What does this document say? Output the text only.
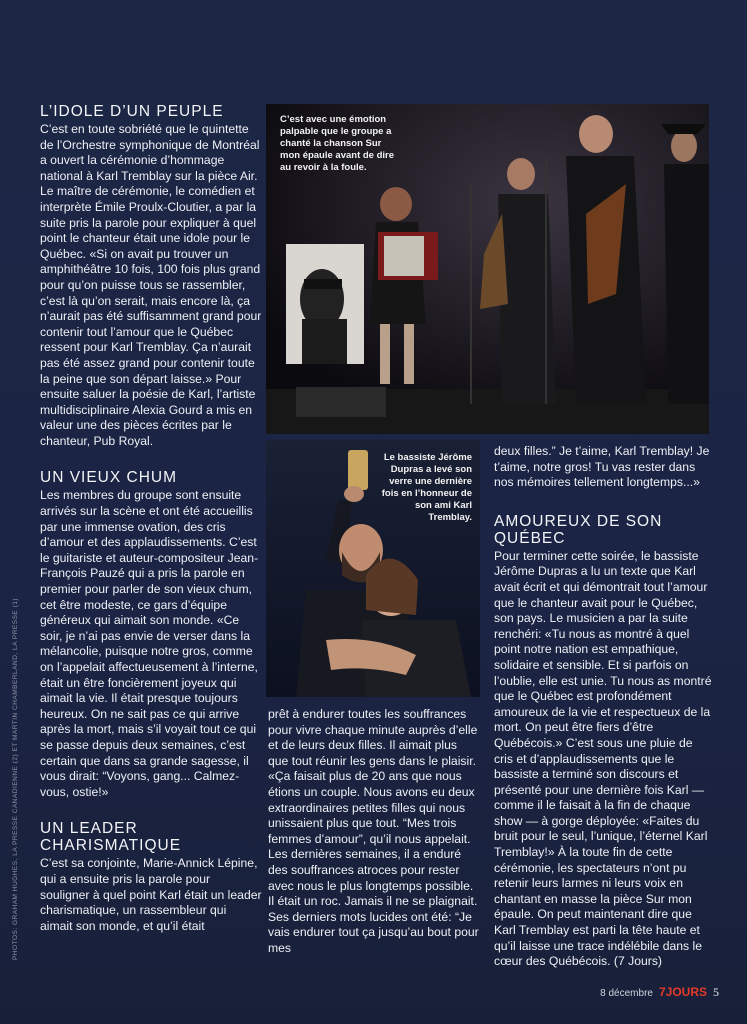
L’IDOLE D’UN PEUPLE

C’est en toute sobriété que le quintette de l’Orchestre symphonique de Montréal a ouvert la cérémonie d’hommage national à Karl Tremblay sur la pièce Air. Le maître de cérémonie, le comédien et interprète Émile Proulx-Cloutier, a par la suite pris la parole pour expliquer à quel point le chanteur était une idole pour le Québec. «Si on avait pu trouver un amphithéâtre 10 fois, 100 fois plus grand pour qu’on puisse tous se rassembler, c’est là qu’on serait, mais encore là, ça n’aurait pas été suffisamment grand pour contenir tout l’amour que le Québec ressent pour Karl Tremblay. Ça n’aurait pas été assez grand pour contenir toute la peine que son départ laisse.» Pour ensuite saluer la poésie de Karl, l’artiste multidisciplinaire Alexia Gourd a mis en valeur une des pièces écrites par le chanteur, Pub Royal.

UN VIEUX CHUM

Les membres du groupe sont ensuite arrivés sur la scène et ont été accueillis par une immense ovation, des cris d’amour et des applaudissements. C’est le guitariste et auteur-compositeur Jean-François Pauzé qui a pris la parole en premier pour parler de son vieux chum, cet être modeste, ce gars d’équipe généreux qui aimait son monde. «Ce soir, je n’ai pas envie de verser dans la mélancolie, puisque notre gros, comme on l’appelait affectueusement à l’interne, était un être foncièrement joyeux qui aimait la vie. Il était presque toujours heureux. On ne sait pas ce qui arrive après la mort, mais s’il voyait tout ce qui se passe depuis deux semaines, c’est certain que dans sa grande sagesse, il vous dirait: “Voyons, gang... Calmez-vous, ostie!»

UN LEADER CHARISMATIQUE

C’est sa conjointe, Marie-Annick Lépine, qui a ensuite pris la parole pour souligner à quel point Karl était un leader charismatique, un rassembleur qui aimait son monde, et qu’il était

C’est avec une émotion palpable que le groupe a chanté la chanson Sur mon épaule avant de dire au revoir à la foule.
Le bassiste Jérôme Dupras a levé son verre une dernière fois en l’honneur de son ami Karl Tremblay.

prêt à endurer toutes les souffrances pour vivre chaque minute auprès d’elle et de leurs deux filles. Il aimait plus que tout réunir les gens dans le plaisir. «Ça faisait plus de 20 ans que nous étions un couple. Nous avons eu deux extraordinaires petites filles qui nous unissaient plus que tout. “Mes trois femmes d’amour”, qu’il nous appelait. Les dernières semaines, il a enduré des souffrances atroces pour rester avec nous le plus longtemps possible. Il était un roc. Jamais il ne se plaignait. Ses derniers mots lucides ont été: “Je vais endurer tout ça jusqu’au bout pour mes

deux filles.” Je t’aime, Karl Tremblay! Je t’aime, notre gros! Tu vas rester dans nos mémoires tellement longtemps...»

AMOUREUX DE SON QUÉBEC

Pour terminer cette soirée, le bassiste Jérôme Dupras a lu un texte que Karl avait écrit et qui démontrait tout l’amour que le chanteur avait pour le Québec, son pays. Le musicien a par la suite renchéri: «Tu nous as montré à quel point notre nation est empathique, solidaire et sensible. Et si parfois on l’oublie, elle est unie. Tu nous as montré que le Québec est profondément amoureux de la vie et respectueux de la mort. On peut être fiers d’être Québécois.» C’est sous une pluie de cris et d’applaudissements que le bassiste a terminé son discours et présenté pour une dernière fois Karl — comme il le faisait à la fin de chaque show — à gorge déployée: «Faites du bruit pour le seul, l’unique, l’éternel Karl Tremblay!» À la toute fin de cette cérémonie, les spectateurs n’ont pu retenir leurs larmes ni leurs voix en chantant en masse la pièce Sur mon épaule. On peut maintenant dire que Karl Tremblay est parti la tête haute et qu’il laisse une trace indélébile dans le cœur des Québécois. (7 Jours)

PHOTOS: GRAHAM HUGHES, LA PRESSE CANADIENNE (2) ET MARTIN CHAMBERLAND, LA PRESSE (1)
8 décembre 7JOURS 5
